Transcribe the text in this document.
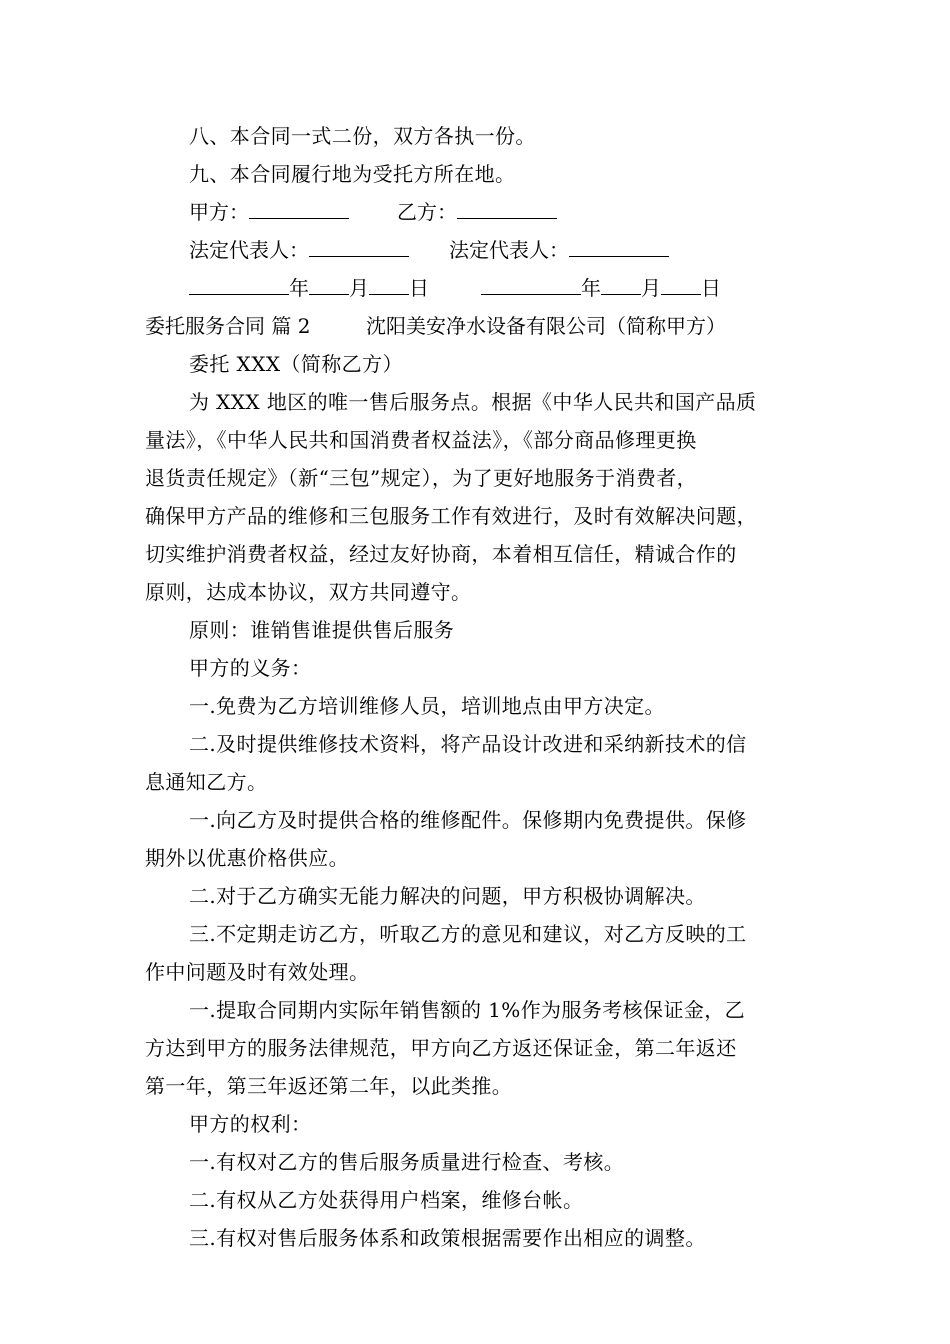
八、本合同一式二份，双方各执一份。
九、本合同履行地为受托方所在地。
甲方：	乙方：
法定代表人：	法定代表人：
年 月 日	年 月 日
委托服务合同 篇 2	沈阳美安净水设备有限公司（简称甲方）
委托 XXX（简称乙方）
为 XXX 地区的唯一售后服务点。根据《中华人民共和国产品质
量法》，《中华人民共和国消费者权益法》，《部分商品修理更换
退货责任规定》（新“三包”规定），为了更好地服务于消费者，
确保甲方产品的维修和三包服务工作有效进行，及时有效解决问题，
切实维护消费者权益，经过友好协商，本着相互信任，精诚合作的
原则，达成本协议，双方共同遵守。
原则：谁销售谁提供售后服务
甲方的义务：
一.免费为乙方培训维修人员，培训地点由甲方决定。
二.及时提供维修技术资料，将产品设计改进和采纳新技术的信
息通知乙方。
一.向乙方及时提供合格的维修配件。保修期内免费提供。保修
期外以优惠价格供应。
二.对于乙方确实无能力解决的问题，甲方积极协调解决。
三.不定期走访乙方，听取乙方的意见和建议，对乙方反映的工
作中问题及时有效处理。
一.提取合同期内实际年销售额的 1%作为服务考核保证金，乙
方达到甲方的服务法律规范，甲方向乙方返还保证金，第二年返还
第一年，第三年返还第二年，以此类推。
甲方的权利：
一.有权对乙方的售后服务质量进行检查、考核。
二.有权从乙方处获得用户档案，维修台帐。
三.有权对售后服务体系和政策根据需要作出相应的调整。
